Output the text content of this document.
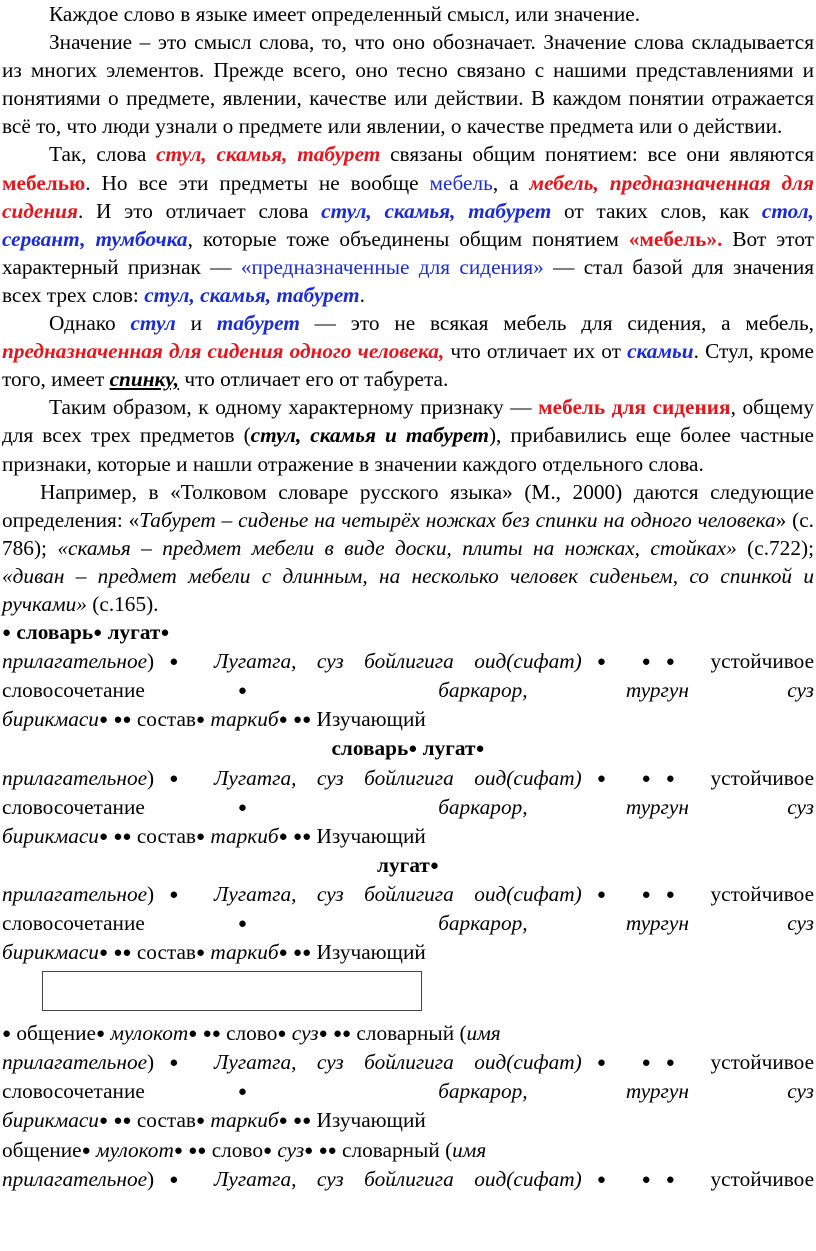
Каждое слово в языке имеет определенный смысл, или значение.

Значение – это смысл слова, то, что оно обозначает. Значение слова складывается из многих элементов. Прежде всего, оно тесно связано с нашими представлениями и понятиями о предмете, явлении, качестве или действии. В каждом понятии отражается всё то, что люди узнали о предмете или явлении, о качестве предмета или о действии.

Так, слова стул, скамья, табурет связаны общим понятием: все они являются мебелью. Но все эти предметы не вообще мебель, а мебель, предназначенная для сидения. И это отличает слова стул, скамья, табурет от таких слов, как стол, сервант, тумбочка, которые тоже объединены общим понятием «мебель». Вот этот характерный признак — «предназначенные для сидения» — стал базой для значения всех трех слов: стул, скамья, табурет.

Однако стул и табурет — это не всякая мебель для сидения, а мебель, предназначенная для сидения одного человека, что отличает их от скамьи. Стул, кроме того, имеет спинку, что отличает его от табурета.

Таким образом, к одному характерному признаку — мебель для сидения, общему для всех трех предметов (стул, скамья и табурет), прибавились еще более частные признаки, которые и нашли отражение в значении каждого отдельного слова.

Например, в «Толковом словаре русского языка» (М., 2000) даются следующие определения: «Табурет – сиденье на четырёх ножках без спинки на одного человека» (с. 786); «скамья – предмет мебели в виде доски, плиты на ножках, стойках» (с.722); «диван – предмет мебели с длинным, на несколько человек сиденьем, со спинкой и ручками» (с.165).

● словарь● лугат●

прилагательное)● Лугатга, суз бойлигига оид(сифат)● ●● устойчивое

словосочетание●	баркарор, тургун суз

бирикмаси● ●● состав● таркиб● ●● Изучающий

словарь● лугат●

прилагательное)● Лугатга, суз бойлигига оид(сифат)● ●● устойчивое

словосочетание●	баркарор, тургун суз

бирикмаси● ●● состав● таркиб● ●● Изучающий

лугат●

прилагательное)● Лугатга, суз бойлигига оид(сифат)● ●● устойчивое

словосочетание●	баркарор, тургун суз

бирикмаси● ●● состав● таркиб● ●● Изучающий

● общение● мулокот● ●● слово● суз● ●● словарный (имя

прилагательное)● Лугатга, суз бойлигига оид(сифат)● ●● устойчивое

словосочетание●	баркарор, тургун суз

бирикмаси● ●● состав● таркиб● ●● Изучающий

общение● мулокот● ●● слово● суз● ●● словарный (имя

прилагательное)● Лугатга, суз бойлигига оид(сифат)● ●● устойчивое
